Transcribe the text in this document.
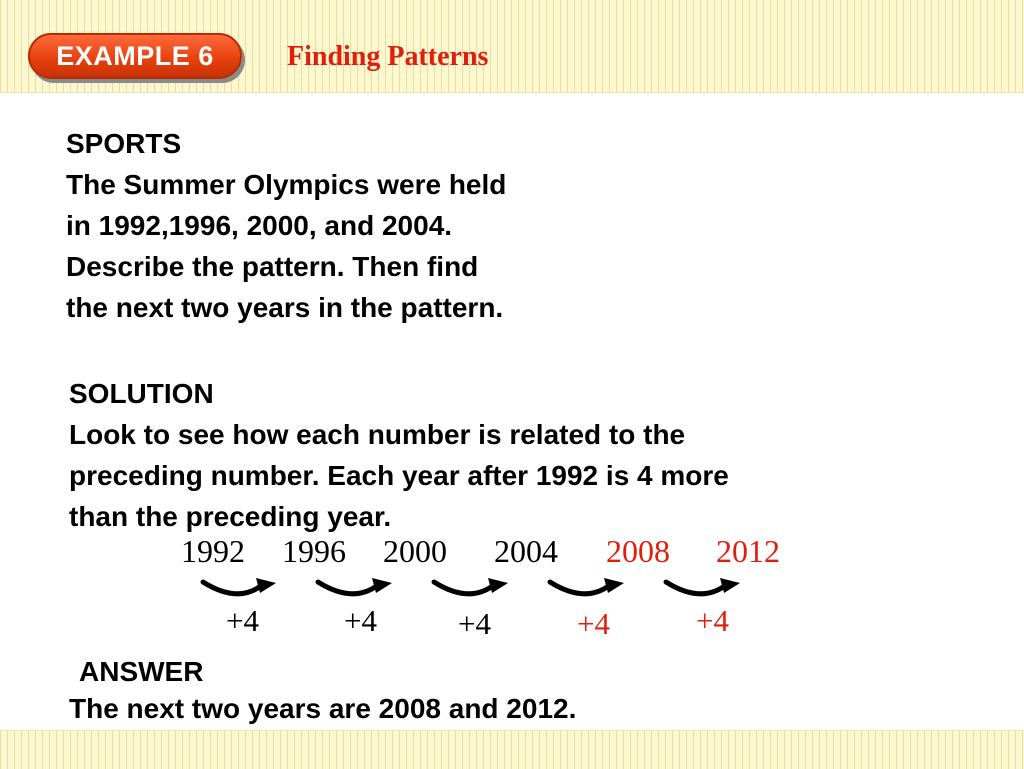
EXAMPLE 6	Finding Patterns
SPORTS
The Summer Olympics were held
in 1992,1996, 2000, and 2004.
Describe the pattern. Then find
the next two years in the pattern.
SOLUTION
Look to see how each number is related to the
preceding number. Each year after 1992 is 4 more
than the preceding year.
1992 1996 2000 2004 2008 2012
+4	+4	+4	+4	+4
ANSWER
The next two years are 2008 and 2012.
